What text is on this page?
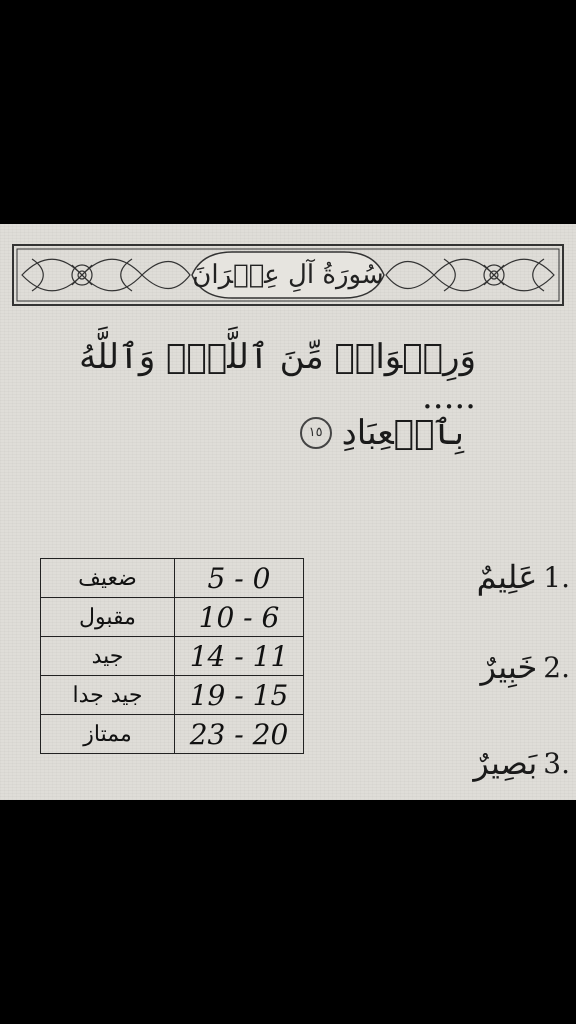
سُورَةُ آلِ عِمۡرَانَ
وَرِضۡوَانٞ مِّنَ ٱللَّهِۗ وَٱللَّهُ .....
بِٱلۡعِبَادِ
١٥
ضعيف	5 - 0
مقبول	10 - 6
جيد	14 - 11
جيد جدا	19 - 15
ممتاز	23 - 20
عَلِيمٌ 1.
خَبِيرٌ 2.
بَصِيرٌ 3.
